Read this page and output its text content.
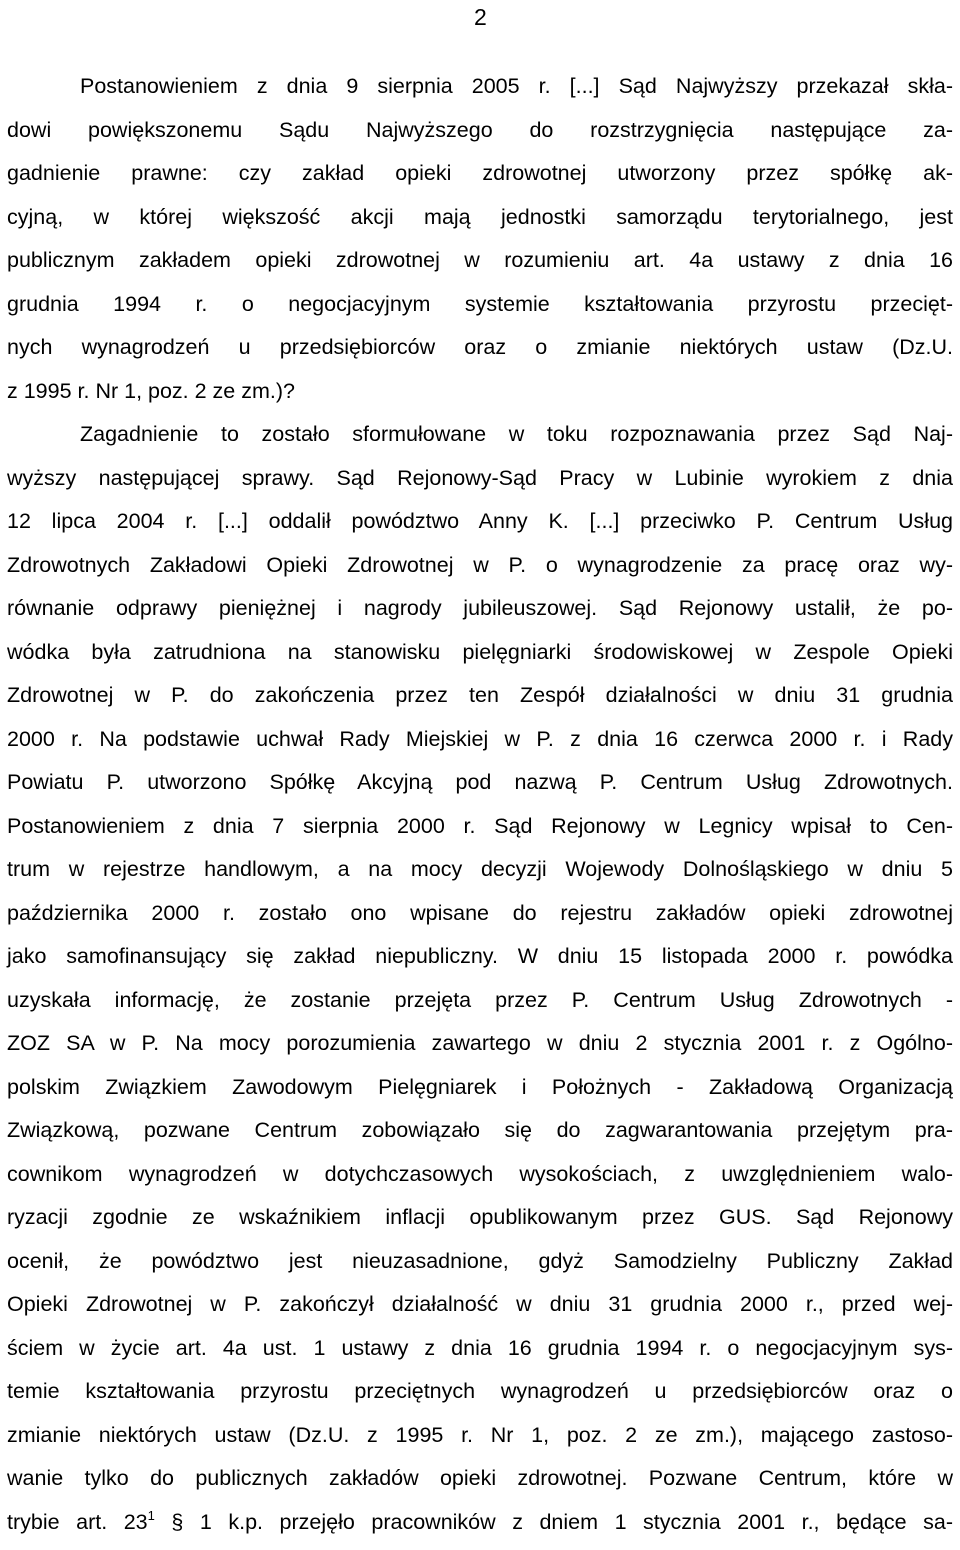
2
Postanowieniem z dnia 9 sierpnia 2005 r. [...] Sąd Najwyższy przekazał skła-
dowi powiększonemu Sądu Najwyższego do rozstrzygnięcia następujące za-
gadnienie prawne: czy zakład opieki zdrowotnej utworzony przez spółkę ak-
cyjną, w której większość akcji mają jednostki samorządu terytorialnego, jest
publicznym zakładem opieki zdrowotnej w rozumieniu art. 4a ustawy z dnia 16
grudnia 1994 r. o negocjacyjnym systemie kształtowania przyrostu przecięt-
nych wynagrodzeń u przedsiębiorców oraz o zmianie niektórych ustaw (Dz.U.
z 1995 r. Nr 1, poz. 2 ze zm.)?
Zagadnienie to zostało sformułowane w toku rozpoznawania przez Sąd Naj-
wyższy następującej sprawy. Sąd Rejonowy-Sąd Pracy w Lubinie wyrokiem z dnia
12 lipca 2004 r. [...] oddalił powództwo Anny K. [...] przeciwko P. Centrum Usług
Zdrowotnych Zakładowi Opieki Zdrowotnej w P. o wynagrodzenie za pracę oraz wy-
równanie odprawy pieniężnej i nagrody jubileuszowej. Sąd Rejonowy ustalił, że po-
wódka była zatrudniona na stanowisku pielęgniarki środowiskowej w Zespole Opieki
Zdrowotnej w P. do zakończenia przez ten Zespół działalności w dniu 31 grudnia
2000 r. Na podstawie uchwał Rady Miejskiej w P. z dnia 16 czerwca 2000 r. i Rady
Powiatu P. utworzono Spółkę Akcyjną pod nazwą P. Centrum Usług Zdrowotnych.
Postanowieniem z dnia 7 sierpnia 2000 r. Sąd Rejonowy w Legnicy wpisał to Cen-
trum w rejestrze handlowym, a na mocy decyzji Wojewody Dolnośląskiego w dniu 5
października 2000 r. zostało ono wpisane do rejestru zakładów opieki zdrowotnej
jako samofinansujący się zakład niepubliczny. W dniu 15 listopada 2000 r. powódka
uzyskała informację, że zostanie przejęta przez P. Centrum Usług Zdrowotnych -
ZOZ SA w P. Na mocy porozumienia zawartego w dniu 2 stycznia 2001 r. z Ogólno-
polskim Związkiem Zawodowym Pielęgniarek i Położnych - Zakładową Organizacją
Związkową, pozwane Centrum zobowiązało się do zagwarantowania przejętym pra-
cownikom wynagrodzeń w dotychczasowych wysokościach, z uwzględnieniem walo-
ryzacji zgodnie ze wskaźnikiem inflacji opublikowanym przez GUS. Sąd Rejonowy
ocenił, że powództwo jest nieuzasadnione, gdyż Samodzielny Publiczny Zakład
Opieki Zdrowotnej w P. zakończył działalność w dniu 31 grudnia 2000 r., przed wej-
ściem w życie art. 4a ust. 1 ustawy z dnia 16 grudnia 1994 r. o negocjacyjnym sys-
temie kształtowania przyrostu przeciętnych wynagrodzeń u przedsiębiorców oraz o
zmianie niektórych ustaw (Dz.U. z 1995 r. Nr 1, poz. 2 ze zm.), mającego zastoso-
wanie tylko do publicznych zakładów opieki zdrowotnej. Pozwane Centrum, które w
trybie art. $23^1$ § 1 k.p. przejęło pracowników z dniem 1 stycznia 2001 r., będące sa-
